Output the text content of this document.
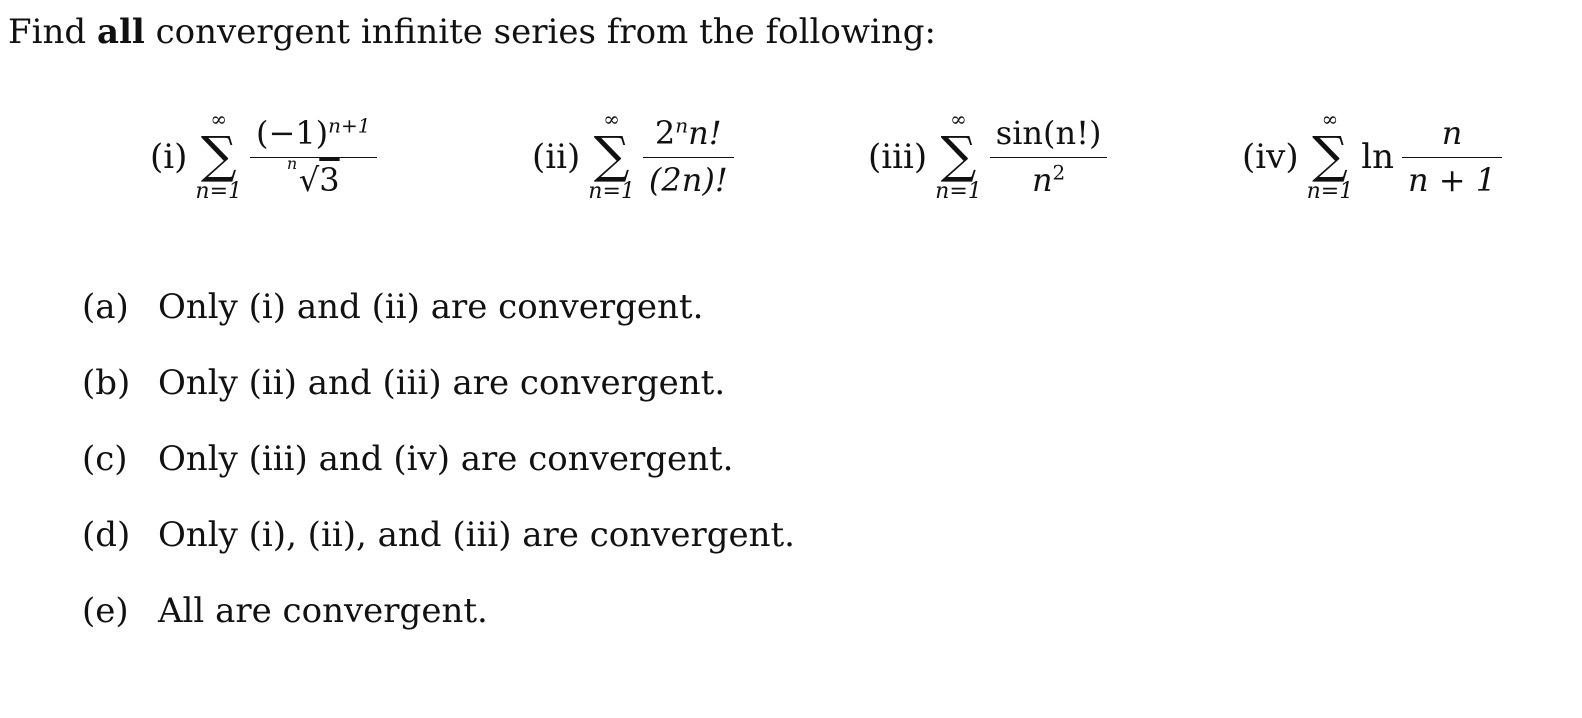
Find all convergent infinite series from the following:
(i)
∞
∑
$n=1 \frac{(-1)^{n+1}}{n √3}$	(ii)
∞
∑
$n=1 \frac{2^nn!}{(2n)!}$	(iii)
∞
∑
$n=1 \frac{\sin(n!)}{n^2}$	(iv)
∞
∑
n=1
$\ln \frac{n}{n + 1}$
(a) Only (i) and (ii) are convergent.
(b) Only (ii) and (iii) are convergent.
(c) Only (iii) and (iv) are convergent.
(d) Only (i), (ii), and (iii) are convergent.
(e) All are convergent.
